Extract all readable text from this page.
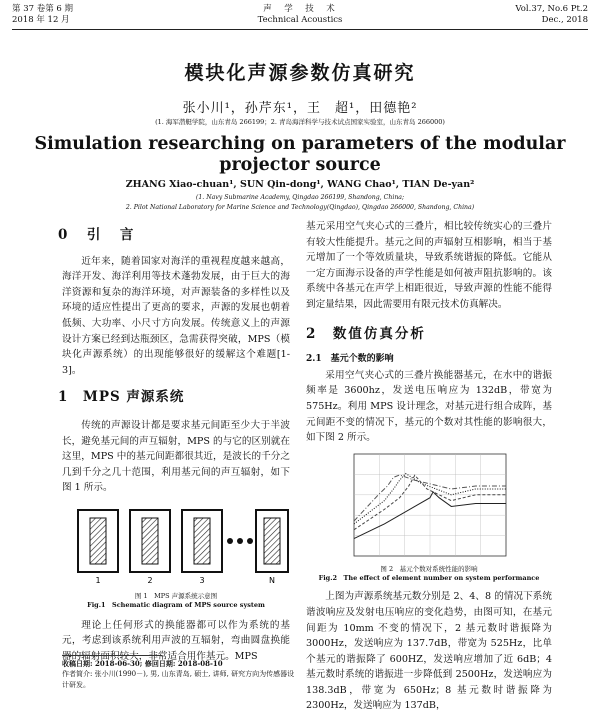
第 37 卷第 6 期
2018 年 12 月
声　学　技　术
Technical Acoustics
Vol.37, No.6 Pt.2
Dec., 2018
模块化声源参数仿真研究
张小川¹，孙芹东¹，王　超¹，田德艳²
(1. 海军潜艇学院，山东青岛 266199；2. 青岛海洋科学与技术试点国家实验室，山东青岛 266000)
Simulation researching on parameters of the modular
projector source
ZHANG Xiao-chuan¹, SUN Qin-dong¹, WANG Chao¹, TIAN De-yan²
(1. Navy Submarine Academy, Qingdao 266199, Shandong, China;
2. Pilot National Laboratory for Marine Science and Technology(Qingdao), Qingdao 266000, Shandong, China)
0　引　言

近年来，随着国家对海洋的重视程度越来越高，海洋开发、海洋利用等技术蓬勃发展，由于巨大的海洋资源和复杂的海洋环境，对声源装备的多样性以及环境的适应性提出了更高的要求，声源的发展也朝着低频、大功率、小尺寸方向发展。传统意义上的声源设计方案已经到达瓶颈区，急需获得突破，MPS（模块化声源系统）的出现能够很好的缓解这个难题[1-3]。

1　MPS 声源系统

传统的声源设计都是要求基元间距至少大于半波长，避免基元间的声互辐射，MPS 的与它的区别就在这里，MPS 中的基元间距都很其近，是波长的千分之几到千分之几十范围，利用基元间的声互辐射，如下图 1 所示。

1	2	3	N
图 1　MPS 声源系统示意图
Fig.1　Schematic diagram of MPS source system

理论上任何形式的换能器都可以作为系统的基元，考虑到该系统利用声波的互辐射，弯曲圆盘换能器的辐射面积较大，非常适合用作基元。MPS

收稿日期: 2018-06-30; 修回日期: 2018-08-10
作者简介: 张小川(1990－), 男, 山东青岛, 硕士, 讲师, 研究方向为传感器设计研发。

基元采用空气夹心式的三叠片，相比较传统实心的三叠片有较大性能提升。基元之间的声辐射互相影响，相当于基元增加了一个等效质量块，导致系统谐振的降低。它能从一定方面海示设备的声学性能是如何被声阻抗影响的。该系统中各基元在声学上相距很近，导致声源的性能不能得到定量结果，因此需要用有限元技术仿真解决。

2　数值仿真分析
2.1　基元个数的影响

采用空气夹心式的三叠片换能器基元，在水中的谐振频率是 3600hz，发送电压响应为 132dB，带宽为 575Hz。利用 MPS 设计理念，对基元进行组合成阵，基元间距不变的情况下，基元的个数对其性能的影响很大，如下图 2 所示。

图 2　基元个数对系统性能的影响
Fig.2　The effect of element number on system performance

上图为声源系统基元数分别是 2、4、8 的情况下系统谐波响应及发射电压响应的变化趋势，由图可知，在基元间距为 10mm 不变的情况下，2 基元数时谐振降为 3000Hz，发送响应为 137.7dB，带宽为 525Hz，比单个基元的谐振降了 600HZ，发送响应增加了近 6dB；4 基元数时系统的谐振进一步降低到 2500Hz，发送响应为 138.3dB，带宽为 650Hz；8 基元数时谐振降为 2300Hz，发送响应为 137dB，
